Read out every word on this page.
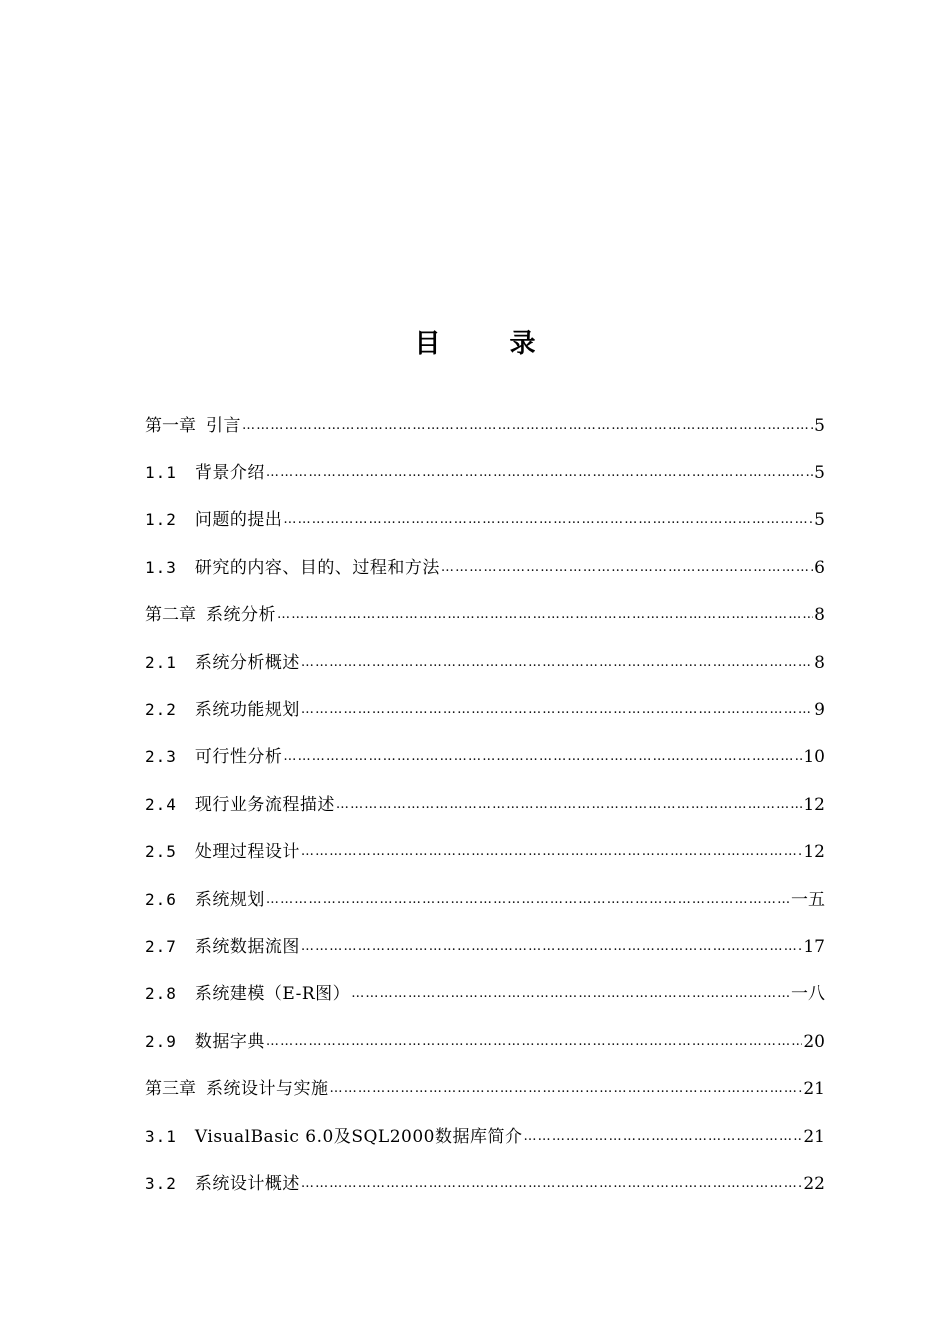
目 录
第一章 引言 …………………………………………………………………………………………………………………………………………………………………………	5
1.1 背景介绍 …………………………………………………………………………………………………………………………………………………………………………	5
1.2 问题的提出 …………………………………………………………………………………………………………………………………………………………………………	5
1.3 研究的内容、目的、过程和方法 …………………………………………………………………………………………………………………………………………………………………………	6
第二章 系统分析 …………………………………………………………………………………………………………………………………………………………………………	8
2.1 系统分析概述 …………………………………………………………………………………………………………………………………………………………………………	8
2.2 系统功能规划 …………………………………………………………………………………………………………………………………………………………………………	9
2.3 可行性分析 …………………………………………………………………………………………………………………………………………………………………………	10
2.4 现行业务流程描述 …………………………………………………………………………………………………………………………………………………………………………	12
2.5 处理过程设计 …………………………………………………………………………………………………………………………………………………………………………	12
2.6 系统规划 …………………………………………………………………………………………………………………………………………………………………………	一五
2.7 系统数据流图 …………………………………………………………………………………………………………………………………………………………………………	17
2.8 系统建模（E-R图） …………………………………………………………………………………………………………………………………………………………………………	一八
2.9 数据字典 …………………………………………………………………………………………………………………………………………………………………………	20
第三章 系统设计与实施 …………………………………………………………………………………………………………………………………………………………………………	21
3.1 VisualBasic 6.0及SQL2000数据库简介 …………………………………………………………………………………………………………………………………………………………………………	21
3.2 系统设计概述 …………………………………………………………………………………………………………………………………………………………………………	22
